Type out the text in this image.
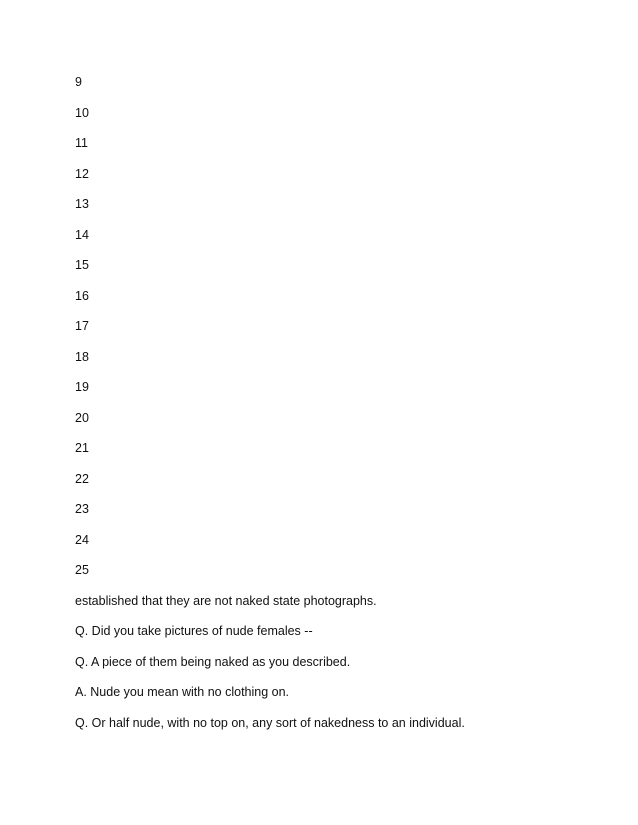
9
10
11
12
13
14
15
16
17
18
19
20
21
22
23
24
25
established that they are not naked state photographs.
Q. Did you take pictures of nude females --
Q. A piece of them being naked as you described.
A. Nude you mean with no clothing on.
Q. Or half nude, with no top on, any sort of nakedness to an individual.
